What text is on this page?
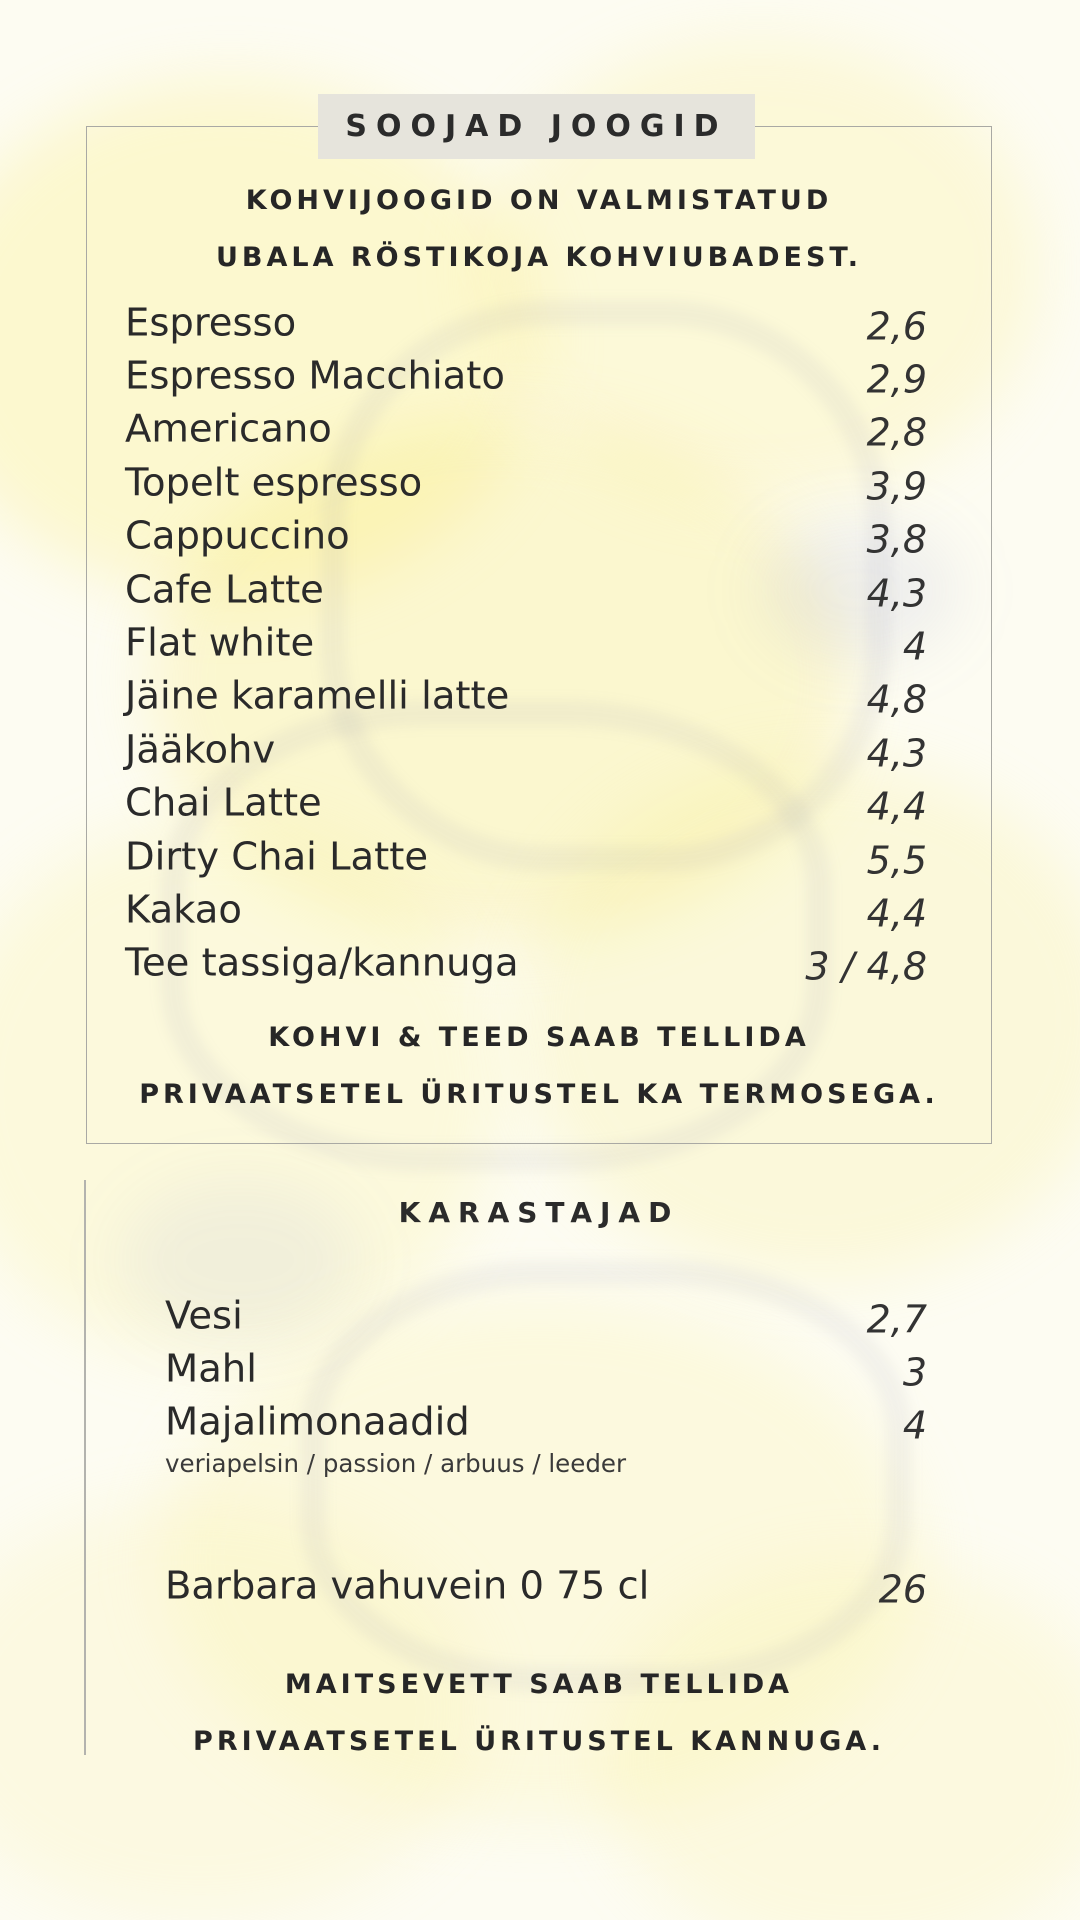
SOOJAD JOOGID
KOHVIJOOGID ON VALMISTATUD
UBALA RÖSTIKOJA KOHVIUBADEST.
Espresso	2,6
Espresso Macchiato	2,9
Americano	2,8
Topelt espresso	3,9
Cappuccino	3,8
Cafe Latte	4,3
Flat white	4
Jäine karamelli latte	4,8
Jääkohv	4,3
Chai Latte	4,4
Dirty Chai Latte	5,5
Kakao	4,4
Tee tassiga/kannuga	3 / 4,8
KOHVI & TEED SAAB TELLIDA
PRIVAATSETEL ÜRITUSTEL KA TERMOSEGA.
KARASTAJAD
Vesi	2,7
Mahl	3
Majalimonaadid	4
veriapelsin / passion / arbuus / leeder
Barbara vahuvein 0 75 cl	26
MAITSEVETT SAAB TELLIDA
PRIVAATSETEL ÜRITUSTEL KANNUGA.
